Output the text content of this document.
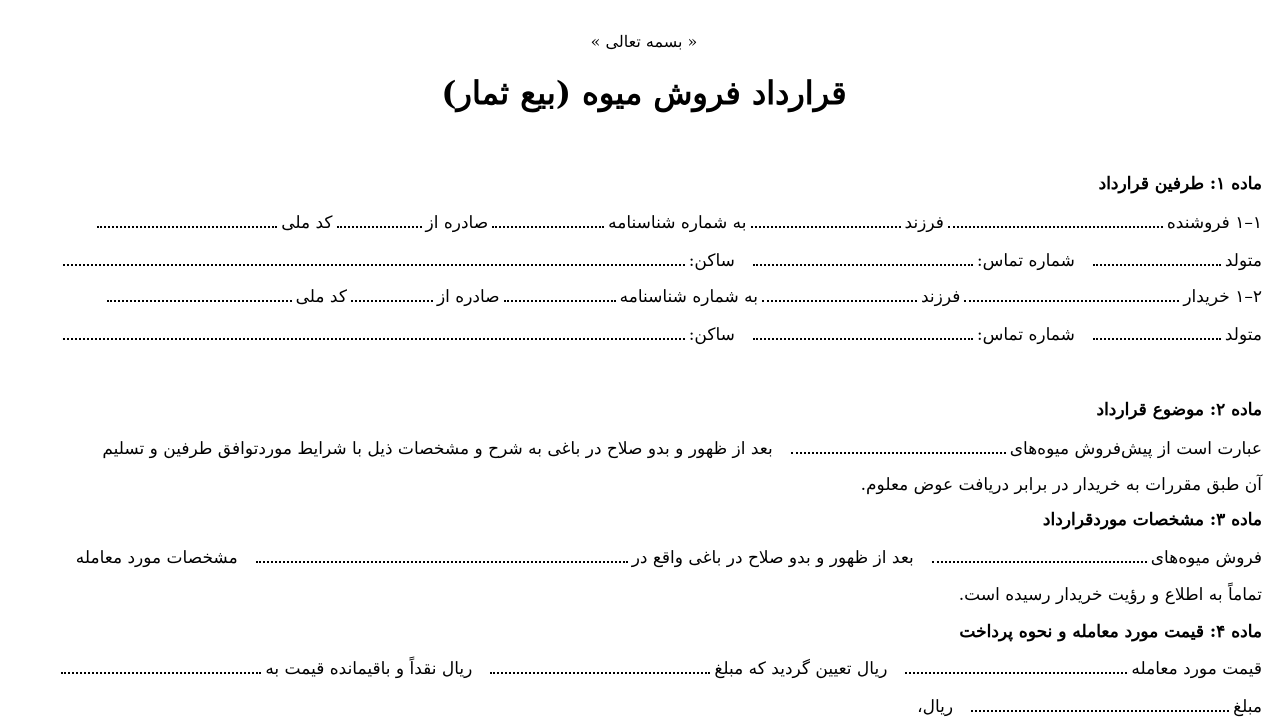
« بسمه تعالی »
قرارداد فروش میوه (بیع ثمار)
ماده ۱: طرفین قرارداد
۱–۱ فروشنده
فرزند
به شماره شناسنامه
صادره از
کد ملی
متولد
شماره تماس:
ساکن:
۲–۱ خریدار
فرزند
به شماره شناسنامه
صادره از
کد ملی
متولد
شماره تماس:
ساکن:
ماده ۲: موضوع قرارداد
عبارت است از پیش‌فروش میوه‌های
بعد از ظهور و بدو صلاح در باغی به شرح و مشخصات ذیل با شرایط موردتوافق طرفین و تسلیم
آن طبق مقررات به خریدار در برابر دریافت عوض معلوم.
ماده ۳: مشخصات موردقرارداد
فروش میوه‌های
بعد از ظهور و بدو صلاح در باغی واقع در
مشخصات مورد معامله
تماماً به اطلاع و رؤیت خریدار رسیده است.
ماده ۴: قیمت مورد معامله و نحوه پرداخت
قیمت مورد معامله
ریال تعیین گردید که مبلغ
ریال نقداً و باقیمانده قیمت به
مبلغ
ریال،
